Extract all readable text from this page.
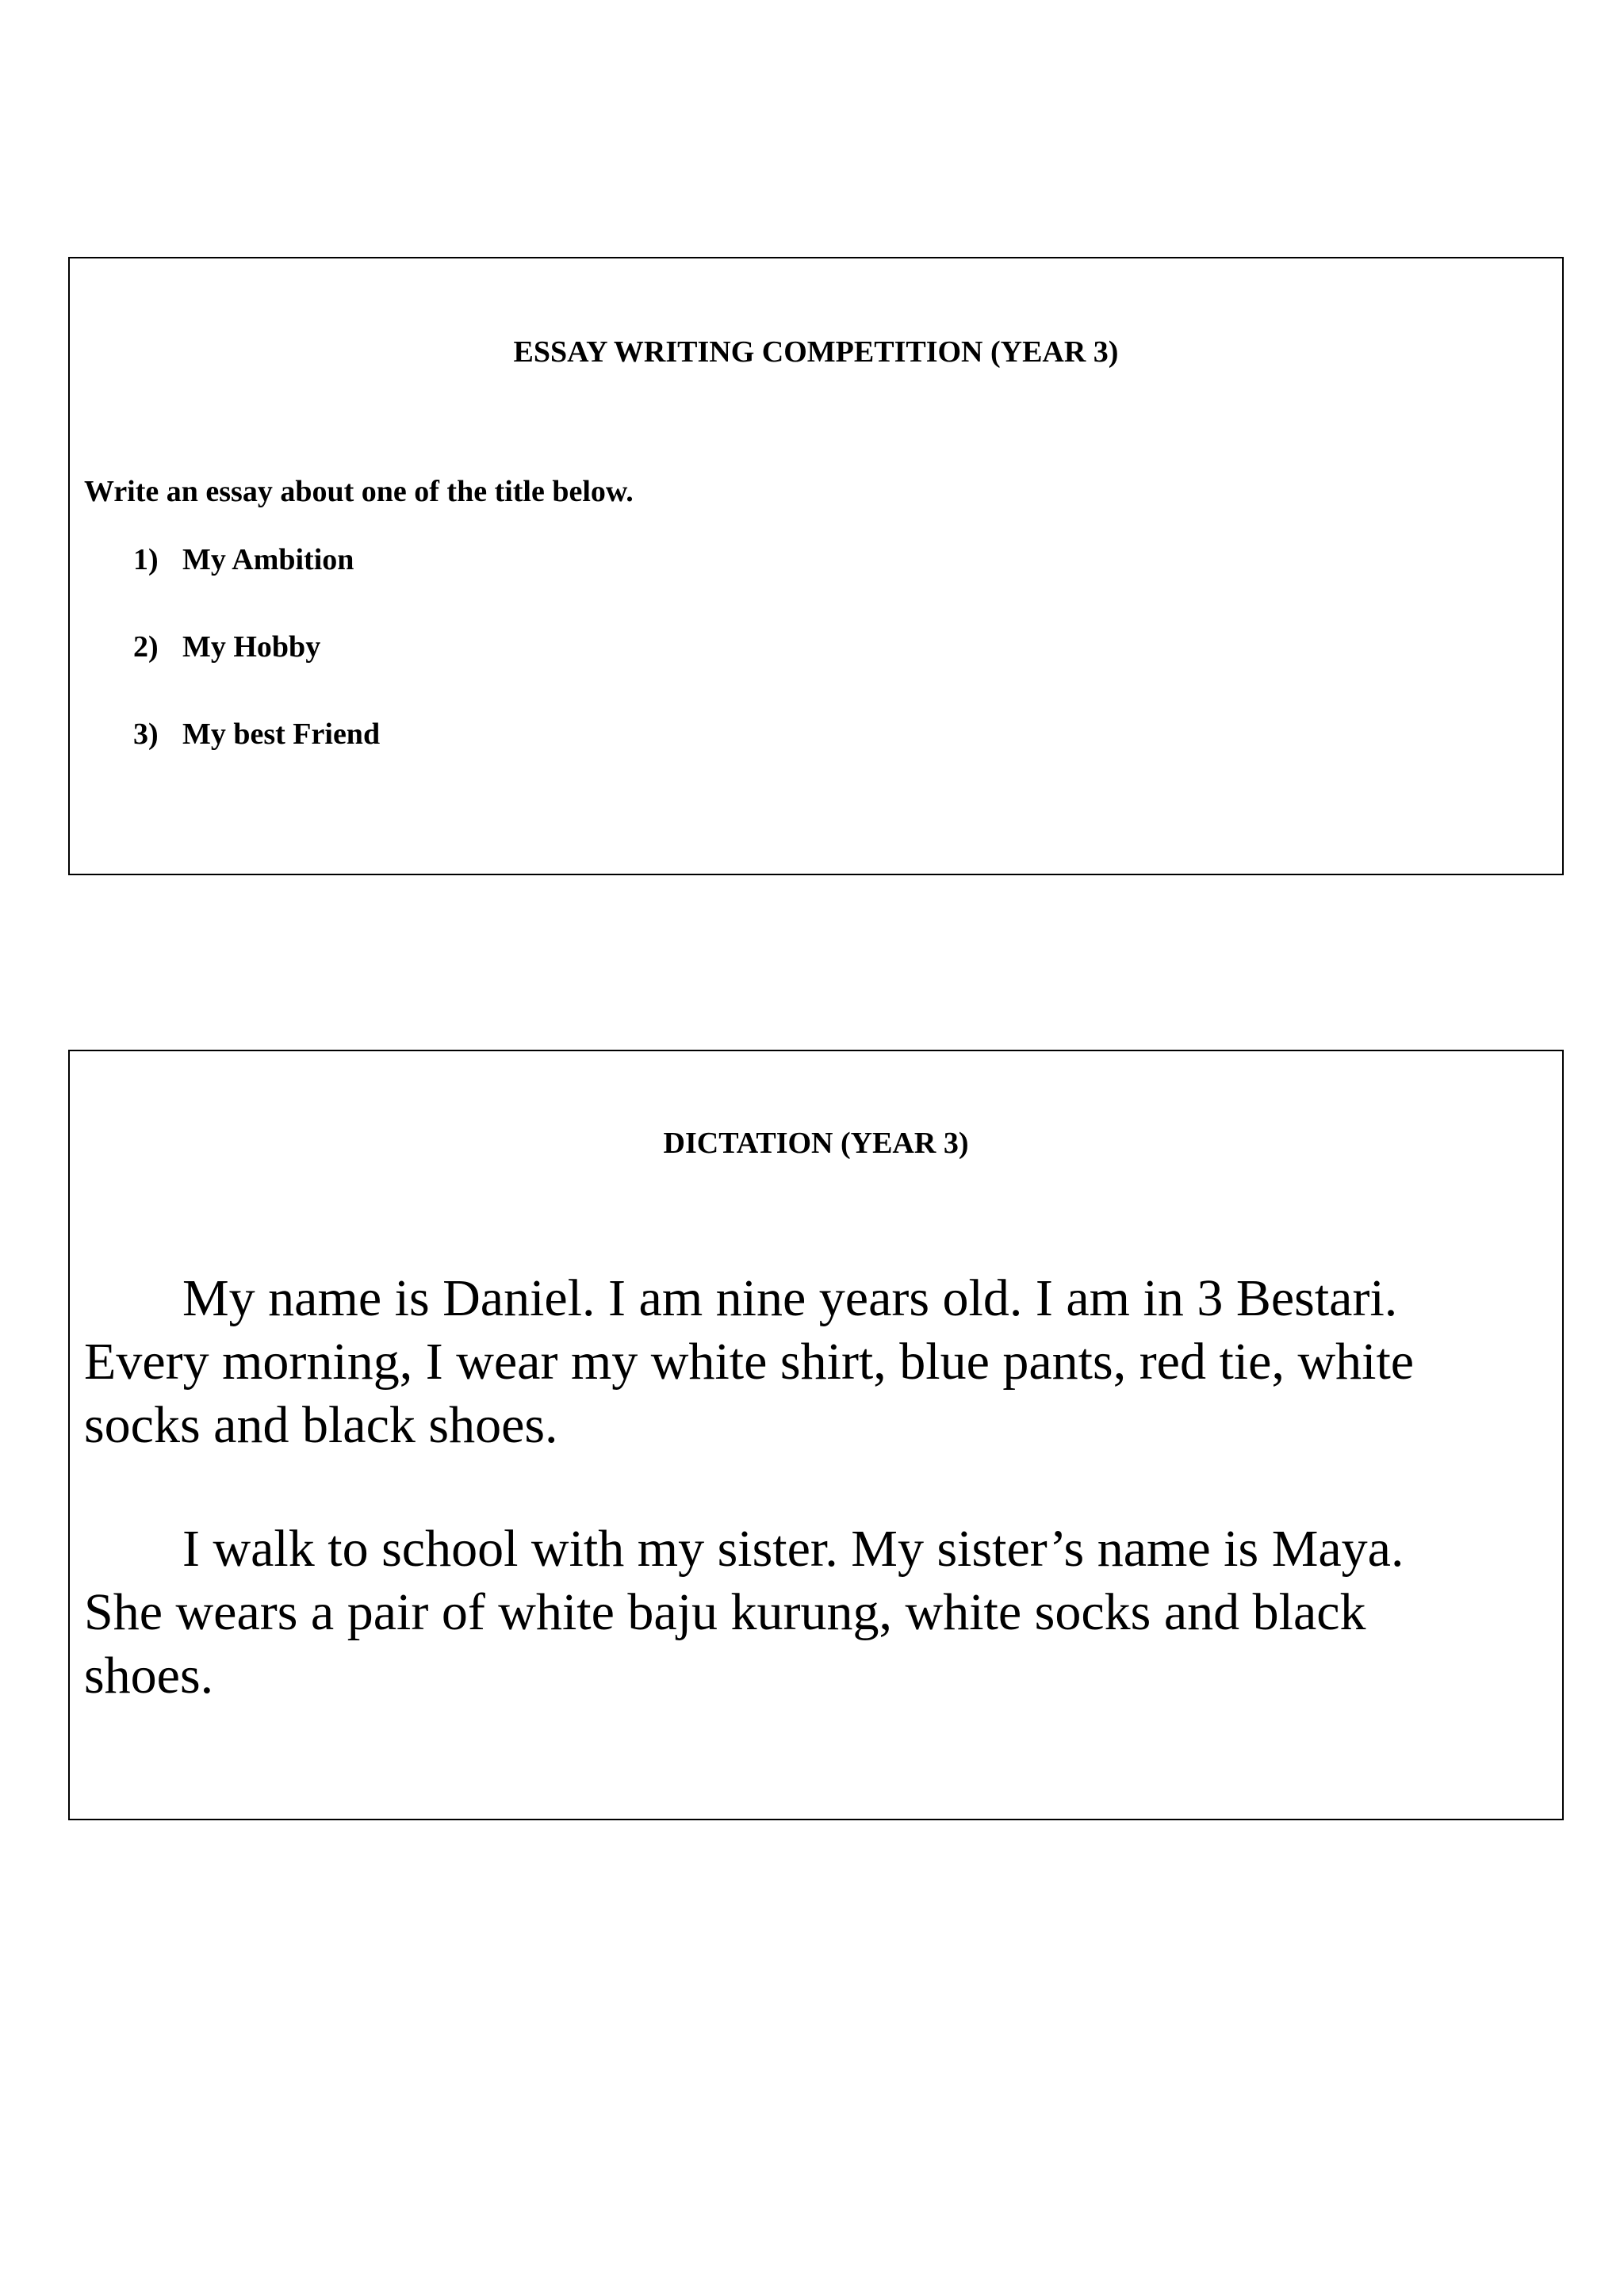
ESSAY WRITING COMPETITION (YEAR 3)

Write an essay about one of the title below.

1) My Ambition
2) My Hobby
3) My best Friend
DICTATION (YEAR 3)

My name is Daniel. I am nine years old. I am in 3 Bestari.
Every morning, I wear my white shirt, blue pants, red tie, white
socks and black shoes.

I walk to school with my sister. My sister’s name is Maya.
She wears a pair of white baju kurung, white socks and black
shoes.
